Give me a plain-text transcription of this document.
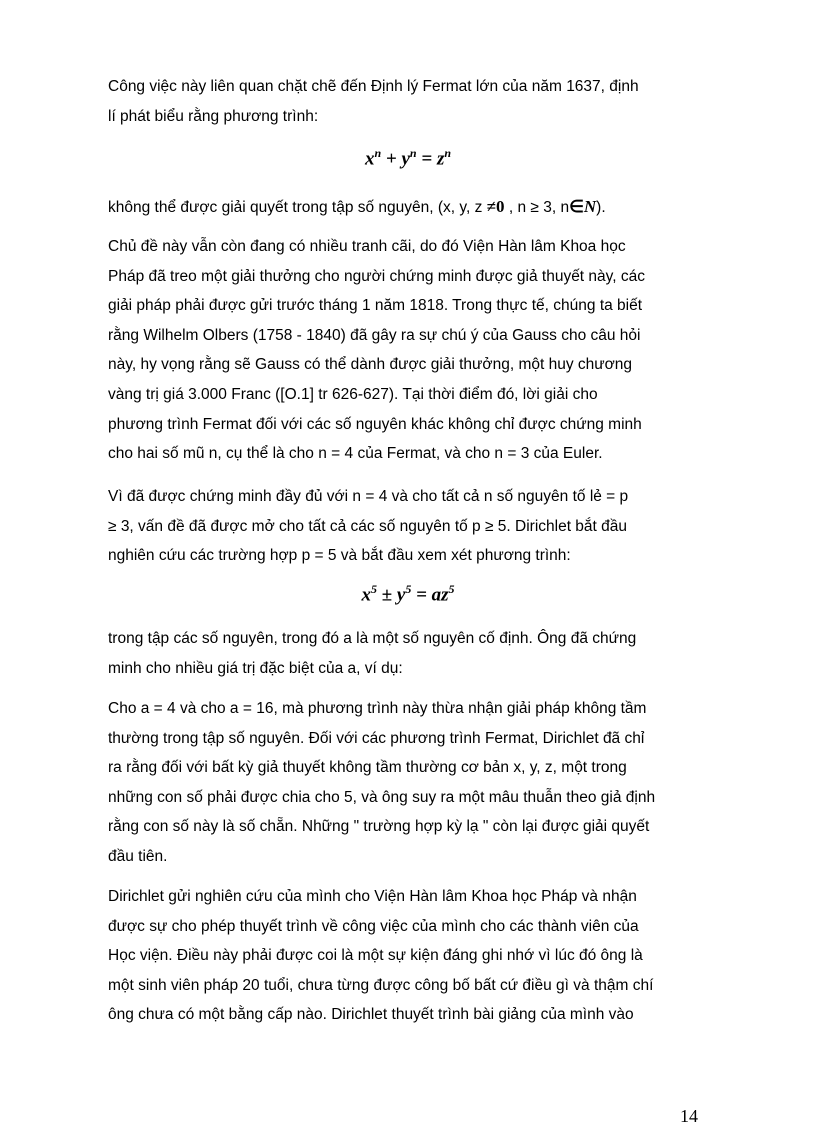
Công việc này liên quan chặt chẽ đến Định lý Fermat lớn của năm 1637, định
lí phát biểu rằng phương trình:
$x^n + y^n = z^n$
không thể được giải quyết trong tập số nguyên, (x, y, z ≠0 , n ≥ 3, n∈N).
Chủ đề này vẫn còn đang có nhiều tranh cãi, do đó Viện Hàn lâm Khoa học
Pháp đã treo một giải thưởng cho người chứng minh được giả thuyết này, các
giải pháp phải được gửi trước tháng 1 năm 1818. Trong thực tế, chúng ta biết
rằng Wilhelm Olbers (1758 - 1840) đã gây ra sự chú ý của Gauss cho câu hỏi
này, hy vọng rằng sẽ Gauss có thể dành được giải thưởng, một huy chương
vàng trị giá 3.000 Franc ([O.1] tr 626-627). Tại thời điểm đó, lời giải cho
phương trình Fermat đối với các số nguyên khác không chỉ được chứng minh
cho hai số mũ n, cụ thể là cho n = 4 của Fermat, và cho n = 3 của Euler.
Vì đã được chứng minh đầy đủ với n = 4 và cho tất cả n số nguyên tố lẻ = p
≥ 3, vấn đề đã được mở cho tất cả các số nguyên tố p ≥ 5. Dirichlet bắt đầu
nghiên cứu các trường hợp p = 5 và bắt đầu xem xét phương trình:
$x^5 \pm y^5 = az^5$
trong tập các số nguyên, trong đó a là một số nguyên cố định. Ông đã chứng
minh cho nhiều giá trị đặc biệt của a, ví dụ:
Cho a = 4 và cho a = 16, mà phương trình này thừa nhận giải pháp không tầm
thường trong tập số nguyên. Đối với các phương trình Fermat, Dirichlet đã chỉ
ra rằng đối với bất kỳ giả thuyết không tầm thường cơ bản x, y, z, một trong
những con số phải được chia cho 5, và ông suy ra một mâu thuẫn theo giả định
rằng con số này là số chẵn. Những " trường hợp kỳ lạ " còn lại được giải quyết
đầu tiên.
Dirichlet gửi nghiên cứu của mình cho Viện Hàn lâm Khoa học Pháp và nhận
được sự cho phép thuyết trình về công việc của mình cho các thành viên của
Học viện. Điều này phải được coi là một sự kiện đáng ghi nhớ vì lúc đó ông là
một sinh viên pháp 20 tuổi, chưa từng được công bố bất cứ điều gì và thậm chí
ông chưa có một bằng cấp nào. Dirichlet thuyết trình bài giảng của mình vào
14
